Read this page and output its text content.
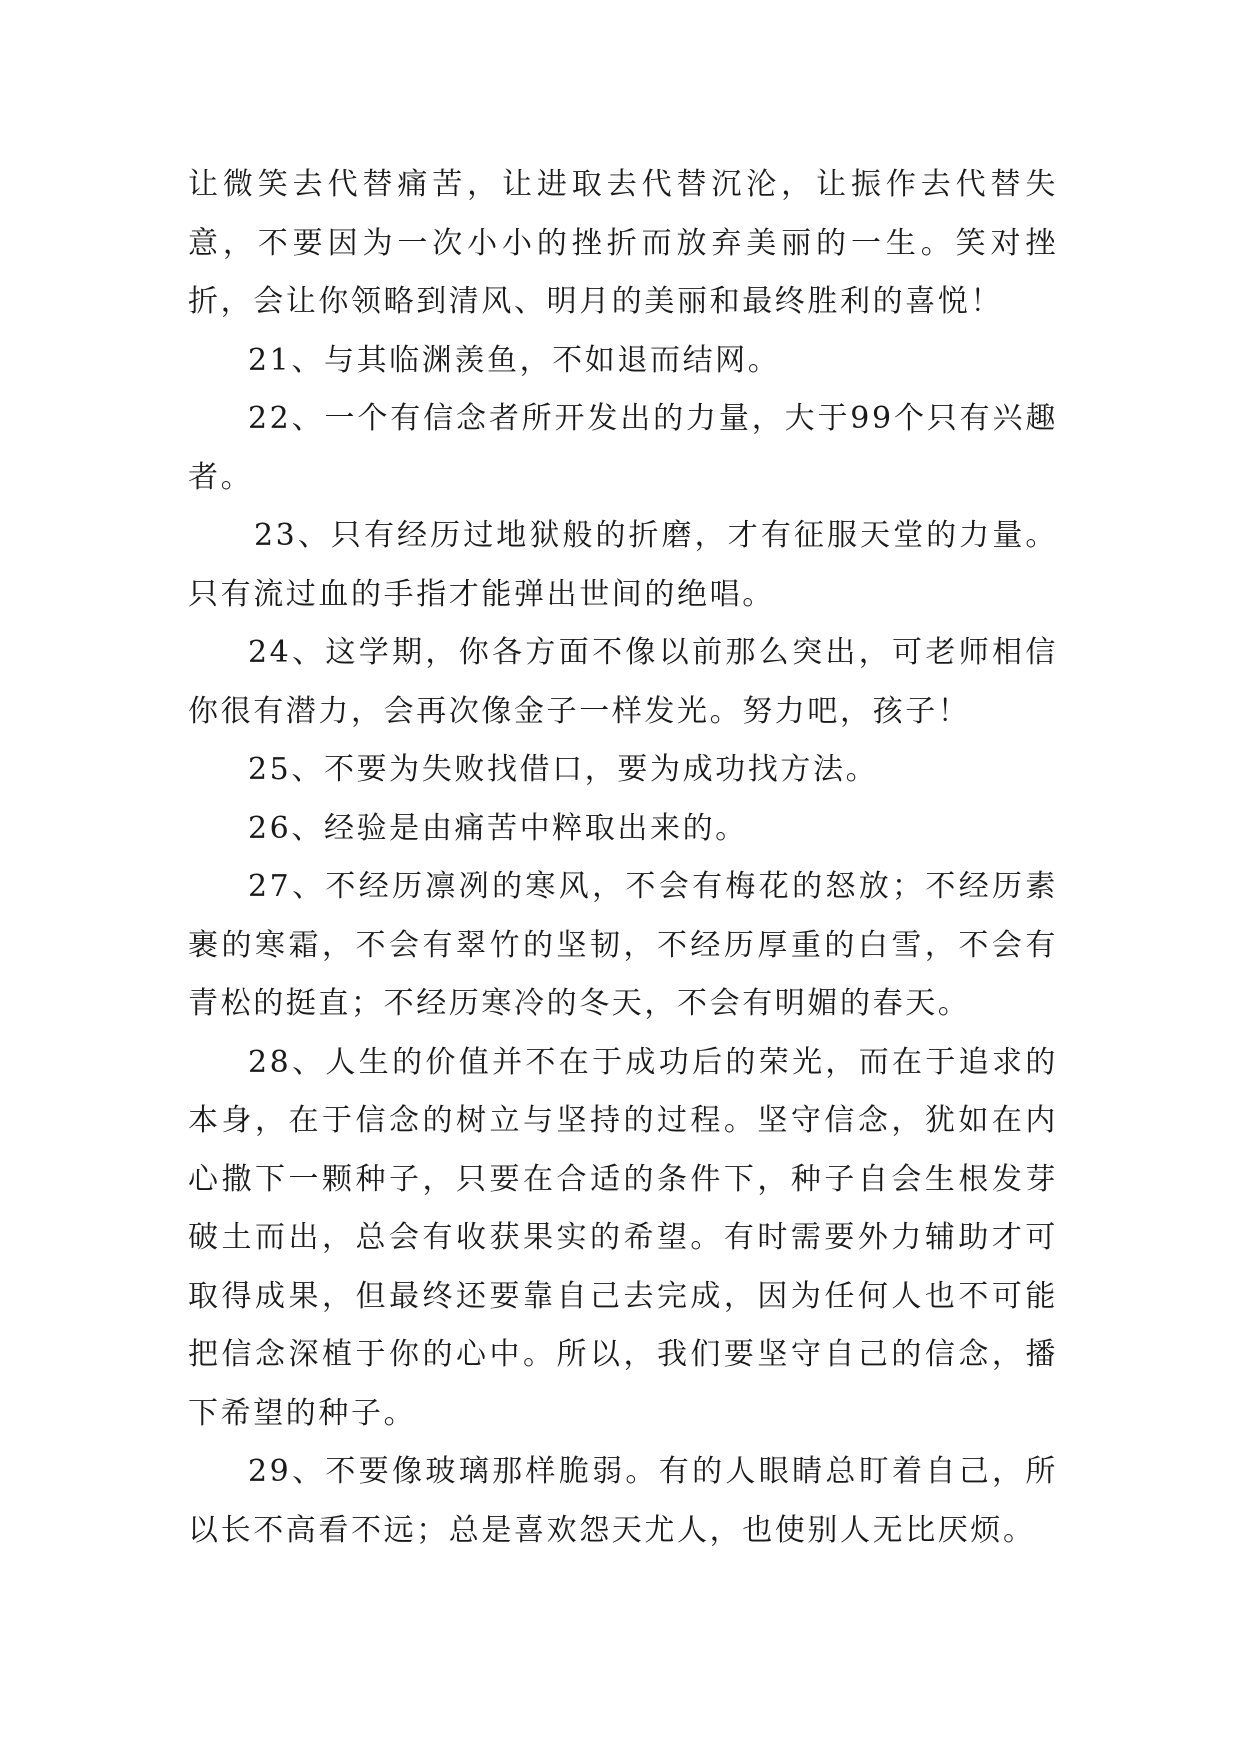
让微笑去代替痛苦，让进取去代替沉沦，让振作去代替失意，不要因为一次小小的挫折而放弃美丽的一生。笑对挫折，会让你领略到清风、明月的美丽和最终胜利的喜悦！

21、与其临渊羡鱼，不如退而结网。

22、一个有信念者所开发出的力量，大于99个只有兴趣者。

23、只有经历过地狱般的折磨，才有征服天堂的力量。只有流过血的手指才能弹出世间的绝唱。

24、这学期，你各方面不像以前那么突出，可老师相信你很有潜力，会再次像金子一样发光。努力吧，孩子！

25、不要为失败找借口，要为成功找方法。

26、经验是由痛苦中粹取出来的。

27、不经历凛冽的寒风，不会有梅花的怒放；不经历素裹的寒霜，不会有翠竹的坚韧，不经历厚重的白雪，不会有青松的挺直；不经历寒冷的冬天，不会有明媚的春天。

28、人生的价值并不在于成功后的荣光，而在于追求的本身，在于信念的树立与坚持的过程。坚守信念，犹如在内心撒下一颗种子，只要在合适的条件下，种子自会生根发芽破土而出，总会有收获果实的希望。有时需要外力辅助才可取得成果，但最终还要靠自己去完成，因为任何人也不可能把信念深植于你的心中。所以，我们要坚守自己的信念，播下希望的种子。

29、不要像玻璃那样脆弱。有的人眼睛总盯着自己，所以长不高看不远；总是喜欢怨天尤人，也使别人无比厌烦。
